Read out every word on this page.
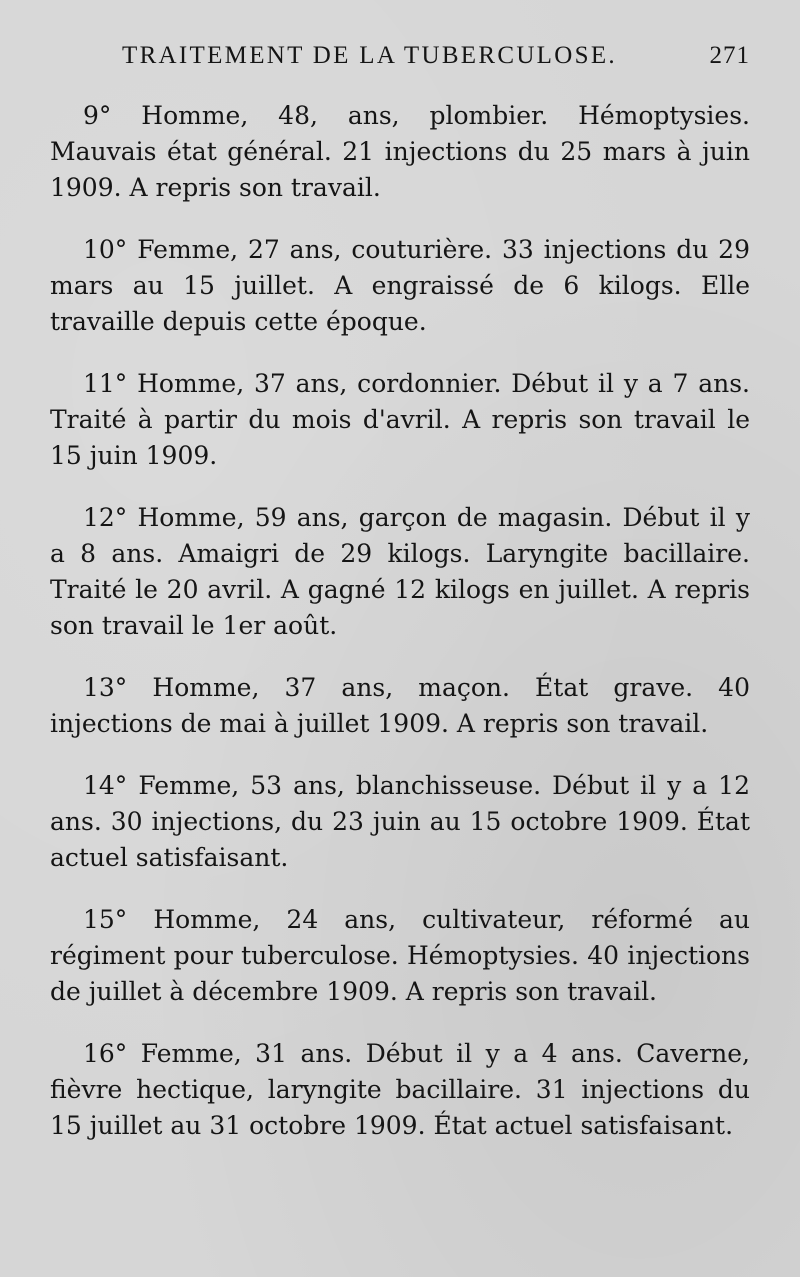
TRAITEMENT DE LA TUBERCULOSE.	271

9° Homme, 48, ans, plombier. Hémoptysies. Mauvais état général. 21 injections du 25 mars à juin 1909. A repris son travail.

10° Femme, 27 ans, couturière. 33 injections du 29 mars au 15 juillet. A engraissé de 6 kilogs. Elle travaille depuis cette époque.

11° Homme, 37 ans, cordonnier. Début il y a 7 ans. Traité à partir du mois d'avril. A repris son travail le 15 juin 1909.

12° Homme, 59 ans, garçon de magasin. Début il y a 8 ans. Amaigri de 29 kilogs. Laryngite bacillaire. Traité le 20 avril. A gagné 12 kilogs en juillet. A repris son travail le 1er août.

13° Homme, 37 ans, maçon. État grave. 40 injections de mai à juillet 1909. A repris son travail.

14° Femme, 53 ans, blanchisseuse. Début il y a 12 ans. 30 injections, du 23 juin au 15 octobre 1909. État actuel satisfaisant.

15° Homme, 24 ans, cultivateur, réformé au régiment pour tuberculose. Hémoptysies. 40 injections de juillet à décembre 1909. A repris son travail.

16° Femme, 31 ans. Début il y a 4 ans. Caverne, fièvre hectique, laryngite bacillaire. 31 injections du 15 juillet au 31 octobre 1909. État actuel satisfaisant.
